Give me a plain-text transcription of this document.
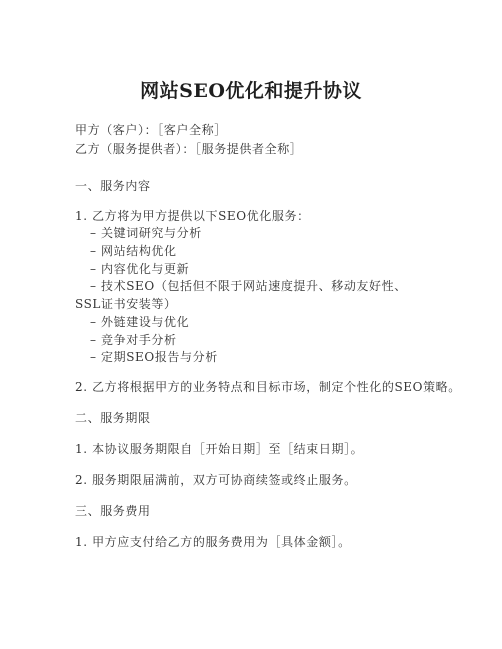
网站SEO优化和提升协议
甲方（客户）：［客户全称］
乙方（服务提供者）：［服务提供者全称］
一、服务内容
1. 乙方将为甲方提供以下SEO优化服务：
– 关键词研究与分析
– 网站结构优化
– 内容优化与更新
– 技术SEO（包括但不限于网站速度提升、移动友好性、SSL证书安装等）
– 外链建设与优化
– 竞争对手分析
– 定期SEO报告与分析
2. 乙方将根据甲方的业务特点和目标市场，制定个性化的SEO策略。
二、服务期限
1. 本协议服务期限自［开始日期］至［结束日期］。
2. 服务期限届满前，双方可协商续签或终止服务。
三、服务费用
1. 甲方应支付给乙方的服务费用为［具体金额］。
